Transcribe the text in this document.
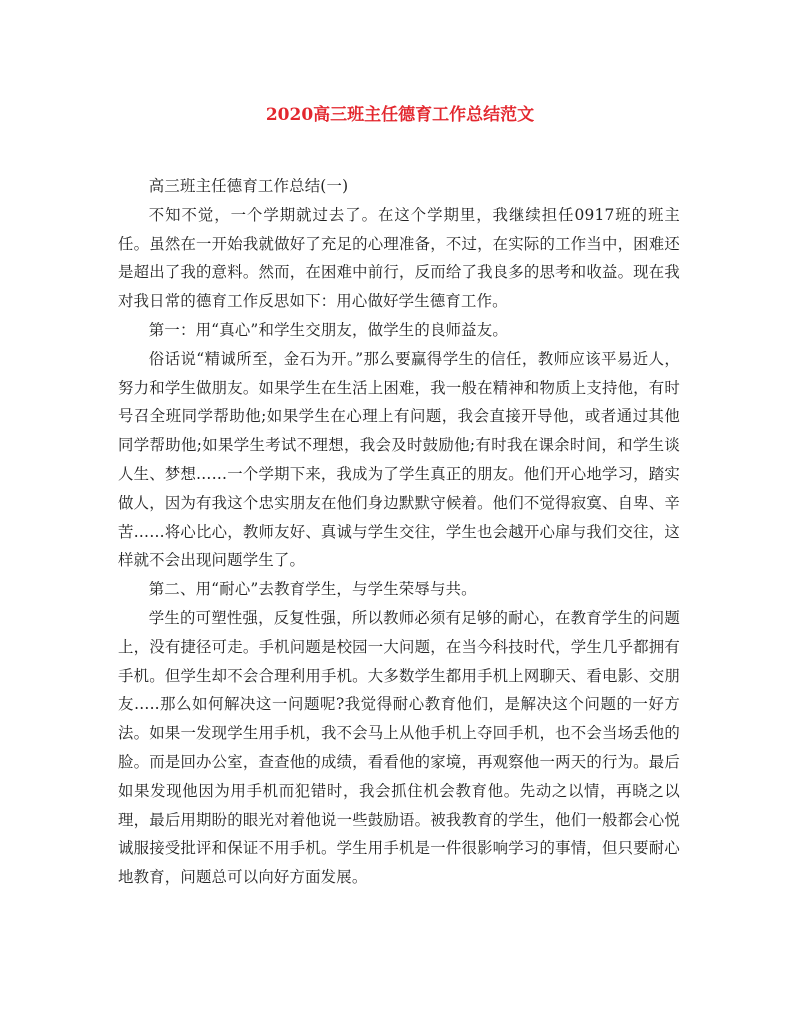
2020高三班主任德育工作总结范文

高三班主任德育工作总结(一)

不知不觉，一个学期就过去了。在这个学期里，我继续担任0917班的班主任。虽然在一开始我就做好了充足的心理准备，不过，在实际的工作当中，困难还是超出了我的意料。然而，在困难中前行，反而给了我良多的思考和收益。现在我对我日常的德育工作反思如下：用心做好学生德育工作。

第一：用“真心”和学生交朋友，做学生的良师益友。

俗话说“精诚所至，金石为开。”那么要赢得学生的信任，教师应该平易近人，努力和学生做朋友。如果学生在生活上困难，我一般在精神和物质上支持他，有时号召全班同学帮助他;如果学生在心理上有问题，我会直接开导他，或者通过其他同学帮助他;如果学生考试不理想，我会及时鼓励他;有时我在课余时间，和学生谈人生、梦想……一个学期下来，我成为了学生真正的朋友。他们开心地学习，踏实做人，因为有我这个忠实朋友在他们身边默默守候着。他们不觉得寂寞、自卑、辛苦……将心比心，教师友好、真诚与学生交往，学生也会越开心扉与我们交往，这样就不会出现问题学生了。

第二、用“耐心”去教育学生，与学生荣辱与共。

学生的可塑性强，反复性强，所以教师必须有足够的耐心，在教育学生的问题上，没有捷径可走。手机问题是校园一大问题，在当今科技时代，学生几乎都拥有手机。但学生却不会合理利用手机。大多数学生都用手机上网聊天、看电影、交朋友…..那么如何解决这一问题呢?我觉得耐心教育他们，是解决这个问题的一好方法。如果一发现学生用手机，我不会马上从他手机上夺回手机，也不会当场丢他的脸。而是回办公室，查查他的成绩，看看他的家境，再观察他一两天的行为。最后如果发现他因为用手机而犯错时，我会抓住机会教育他。先动之以情，再晓之以理，最后用期盼的眼光对着他说一些鼓励语。被我教育的学生，他们一般都会心悦诚服接受批评和保证不用手机。学生用手机是一件很影响学习的事情，但只要耐心地教育，问题总可以向好方面发展。
